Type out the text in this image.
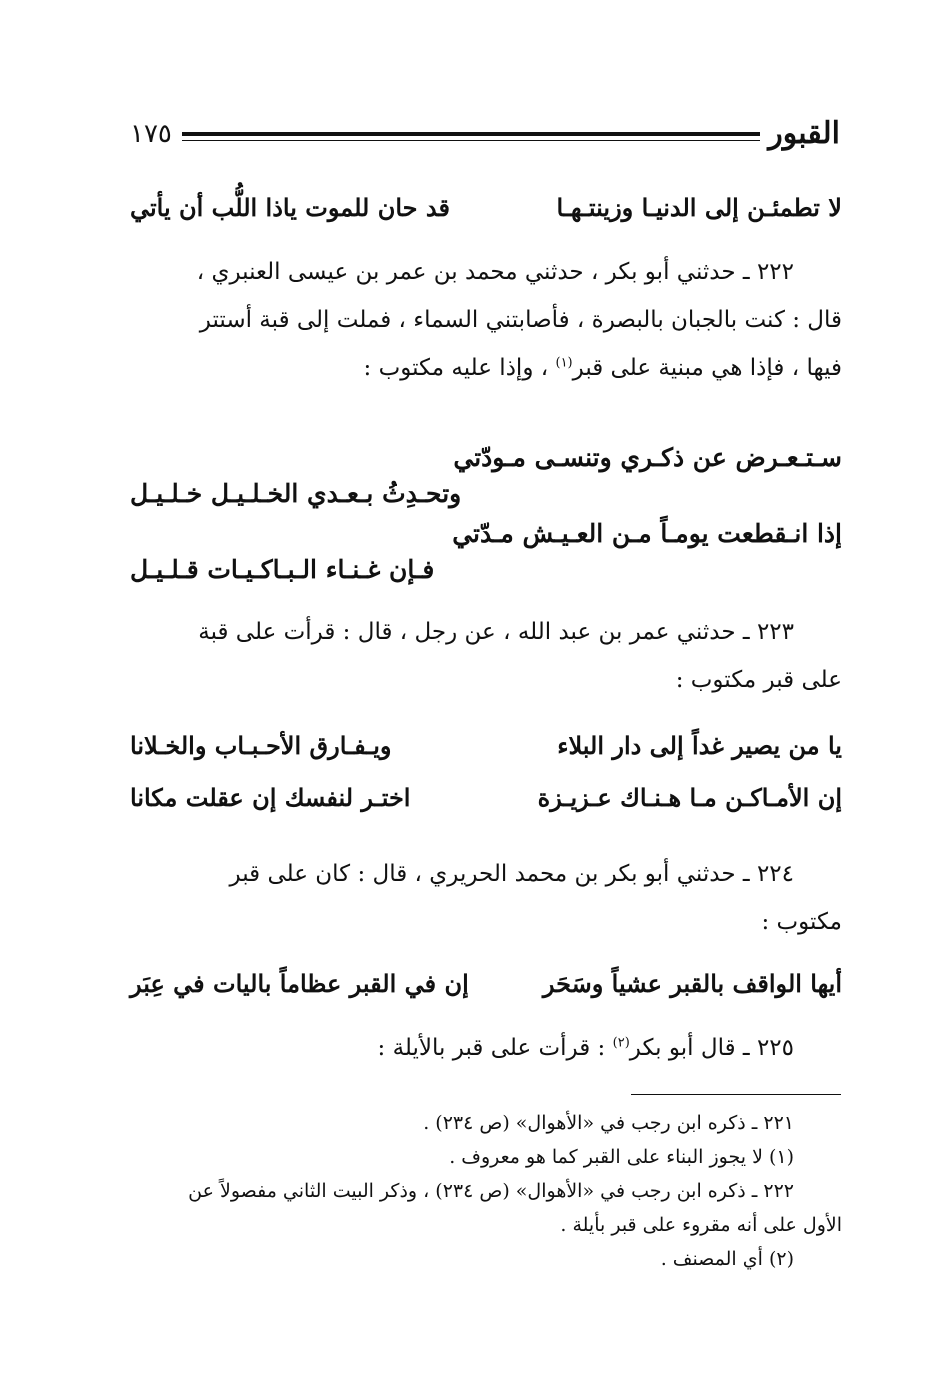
القبور
١٧٥
لا تطمئـن إلى الدنيـا وزينتـهـا
قد حان للموت ياذا اللُّب أن يأتي

٢٢٢ ـ حدثني أبو بكر ، حدثني محمد بن عمر بن عيسى العنبري ،

قال : كنت بالجبان بالبصرة ، فأصابتني السماء ، فملت إلى قبة أستتر

فيها ، فإذا هي مبنية على قبر$^{(١)}$ ، وإذا عليه مكتوب :

سـتـعـرض عن ذكـري وتنسـى مـودّتي
وتحـدِثُ بـعـدي الخـلـيـل خـلـيـل
إذا انـقطعت يومـاً مـن العـيـش مـدّتي
فـإن غـنـاء الـبـاكـيـات قـلـيـل

٢٢٣ ـ حدثني عمر بن عبد الله ، عن رجل ، قال : قرأت على قبة

على قبر مكتوب :

يا من يصير غداً إلى دار البلاء
ويـفـارق الأحـبـاب والخـلانا
إن الأمـاكـن مـا هـنـاك عـزيـزة
اختـر لنفسك إن عقلت مكانا

٢٢٤ ـ حدثني أبو بكر بن محمد الحريري ، قال : كان على قبر

مكتوب :

أيها الواقف بالقبر عشياً وسَحَر
إن في القبر عظاماً باليات في عِبَر

٢٢٥ ـ قال أبو بكر$^{(٢)}$ : قرأت على قبر بالأيلة :

٢٢١ ـ ذكره ابن رجب في «الأهوال» (ص ٢٣٤) .

(١) لا يجوز البناء على القبر كما هو معروف .

٢٢٢ ـ ذكره ابن رجب في «الأهوال» (ص ٢٣٤) ، وذكر البيت الثاني مفصولاً عن

الأول على أنه مقروء على قبر بأيلة .

(٢) أي المصنف .
